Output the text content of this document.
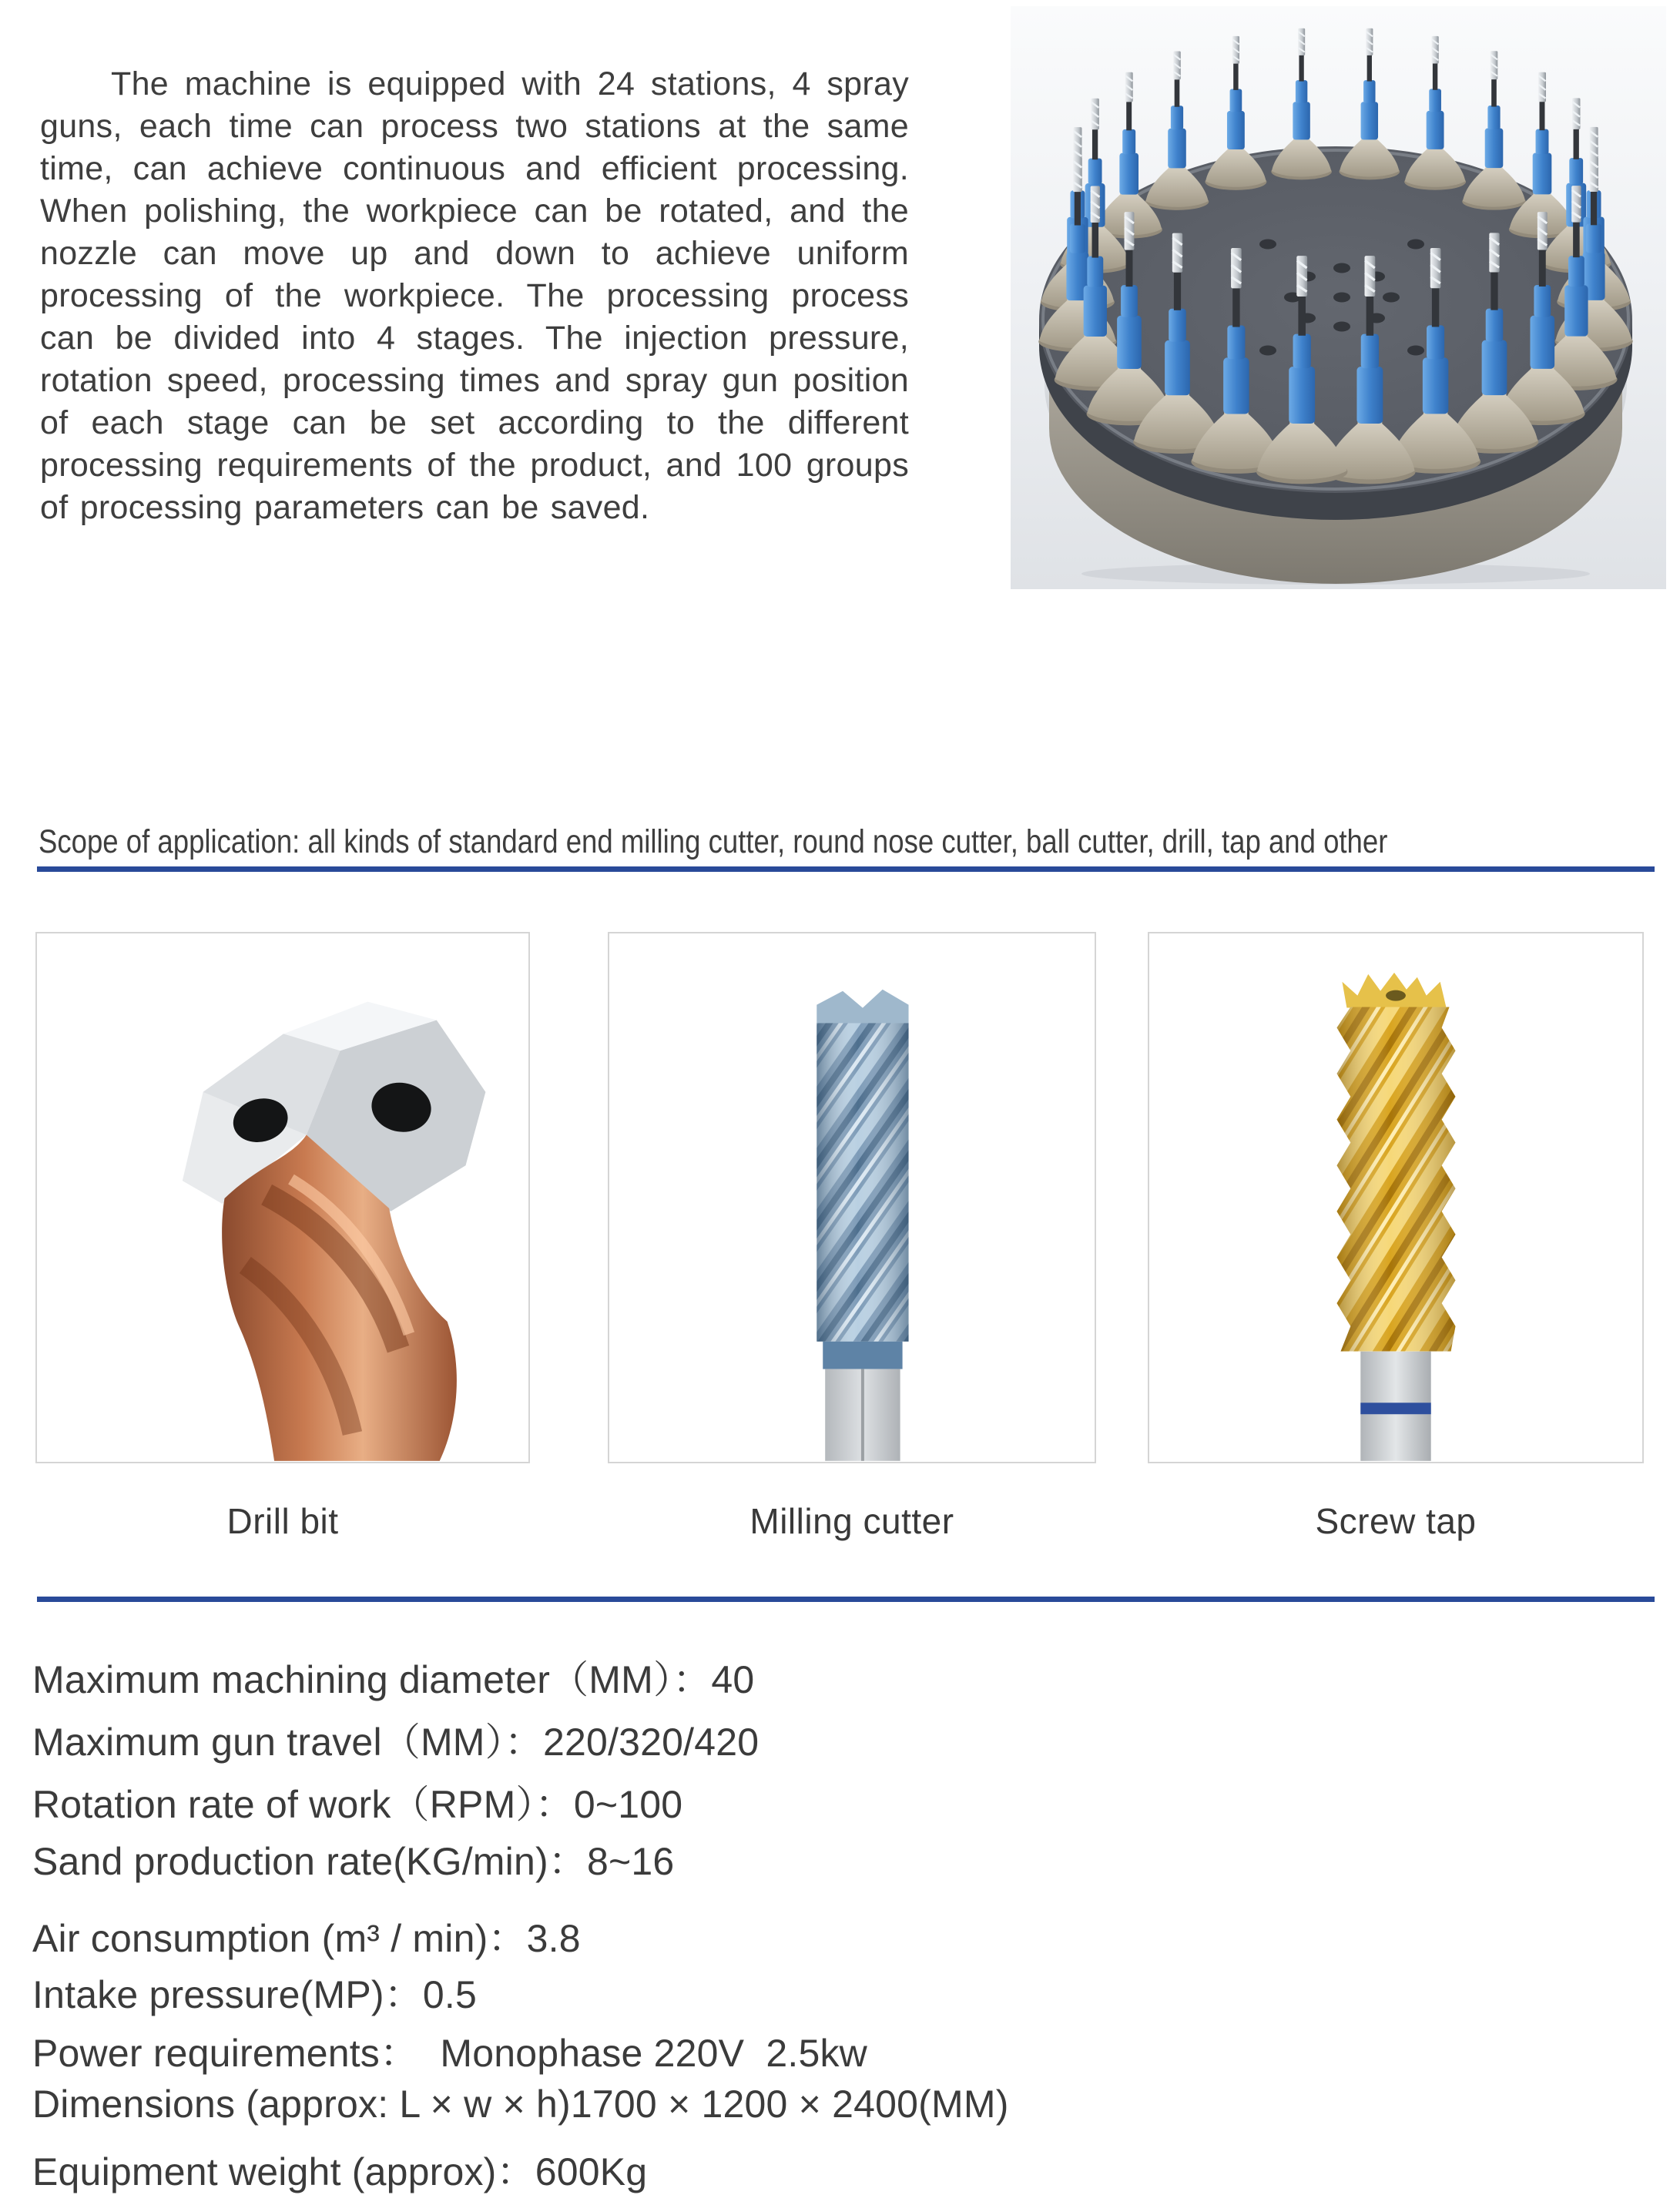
The machine is equipped with 24 stations, 4 spray guns, each time can process two stations at the same time, can achieve continuous and efficient processing. When polishing, the workpiece can be rotated, and the nozzle can move up and down to achieve uniform processing of the workpiece. The processing process can be divided into 4 stages. The injection pressure, rotation speed, processing times and spray gun position of each stage can be set according to the different processing requirements of the product, and 100 groups of processing parameters can be saved.

Scope of application: all kinds of standard end milling cutter, round nose cutter, ball cutter, drill, tap and other

Drill bit	Milling cutter	Screw tap
Maximum machining diameter（MM）：40
Maximum gun travel（MM）：220/320/420
Rotation rate of work（RPM）：0~100
Sand production rate(KG/min)：8~16
Air consumption (m³ / min)：3.8
Intake pressure(MP)：0.5
Power requirements：  Monophase 220V  2.5kw
Dimensions (approx: L × w × h)1700 × 1200 × 2400(MM)
Equipment weight (approx)：600Kg
